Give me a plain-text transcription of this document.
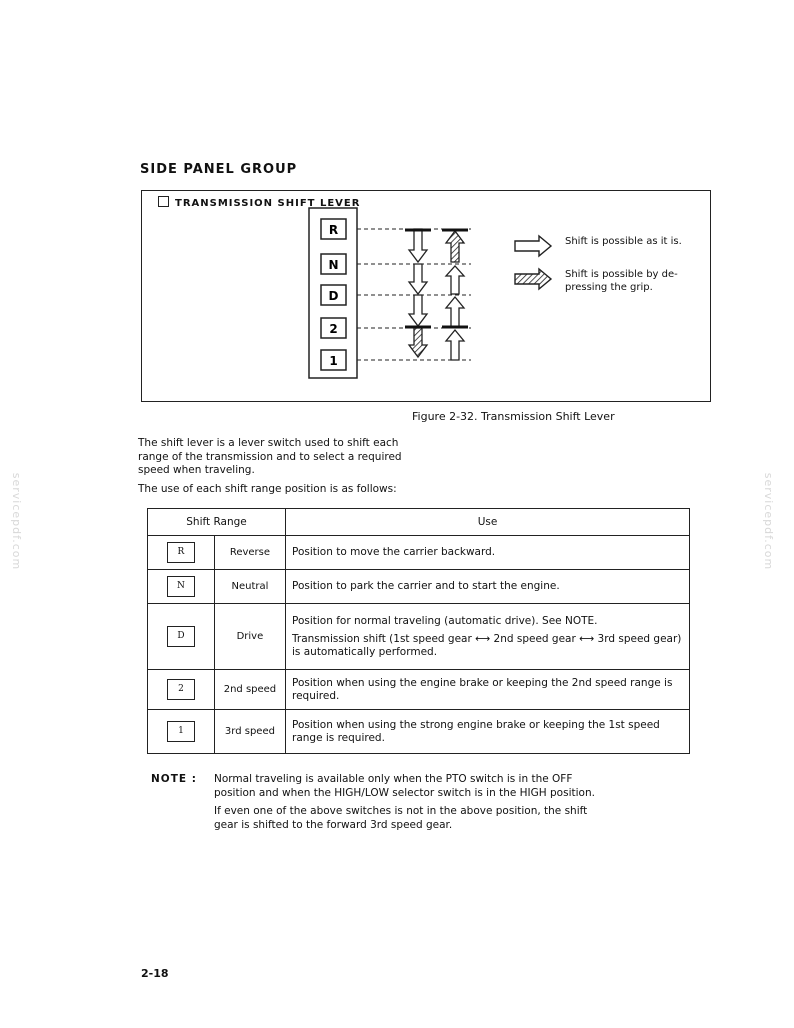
SIDE PANEL GROUP
TRANSMISSION SHIFT LEVER
R
N
D
2
1
Shift is possible as it is.
Shift is possible by de-
pressing the grip.
Figure 2-32. Transmission Shift Lever
The shift lever is a lever switch used to shift each
range of the transmission and to select a required
speed when traveling.
The use of each shift range position is as follows:
Shift Range		Use
R	Reverse	Position to move the carrier backward.

N	Neutral	Position to park the carrier and to start the engine.

D	Drive	Position for normal traveling (automatic drive). See NOTE.
Transmission shift (1st speed gear ⟷ 2nd speed gear ⟷ 3rd speed gear)
is automatically performed.

2	2nd speed	Position when using the engine brake or keeping the 2nd speed range is
required.

1	3rd speed	Position when using the strong engine brake or keeping the 1st speed
range is required.
NOTE : Normal traveling is available only when the PTO switch is in the OFF
position and when the HIGH/LOW selector switch is in the HIGH position.
If even one of the above switches is not in the above position, the shift
gear is shifted to the forward 3rd speed gear.
2-18
servicepdf.com	servicepdf.com
